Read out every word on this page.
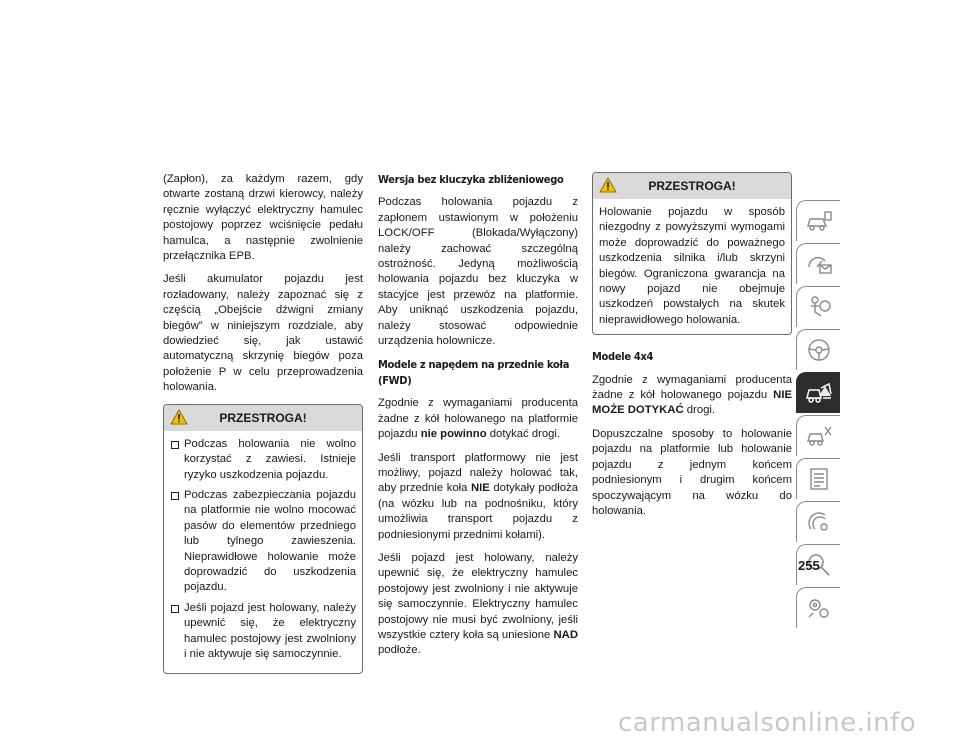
(Zapłon), za każdym razem, gdy otwarte zostaną drzwi kierowcy, należy ręcznie wyłączyć elektryczny hamulec postojowy poprzez wciśnięcie pedału hamulca, a następnie zwolnienie przełącznika EPB.

Jeśli akumulator pojazdu jest rozładowany, należy zapoznać się z częścią „Obejście dźwigni zmiany biegów” w niniejszym rozdziale, aby dowiedzieć się, jak ustawić automatyczną skrzynię biegów poza położenie P w celu przeprowadzenia holowania.

PRZESTROGA!
Podczas holowania nie wolno korzystać z zawiesi. Istnieje ryzyko uszkodzenia pojazdu.
Podczas zabezpieczania pojazdu na platformie nie wolno mocować pasów do elementów przedniego lub tylnego zawieszenia. Nieprawidłowe holowanie może doprowadzić do uszkodzenia pojazdu.
Jeśli pojazd jest holowany, należy upewnić się, że elektryczny hamulec postojowy jest zwolniony i nie aktywuje się samoczynnie.
Wersja bez kluczyka zbliżeniowego

Podczas holowania pojazdu z zapłonem ustawionym w położeniu LOCK/OFF (Blokada/Wyłączony) należy zachować szczególną ostrożność. Jedyną możliwością holowania pojazdu bez kluczyka w stacyjce jest przewóz na platformie. Aby uniknąć uszkodzenia pojazdu, należy stosować odpowiednie urządzenia holownicze.

Modele z napędem na przednie koła (FWD)

Zgodnie z wymaganiami producenta żadne z kół holowanego na platformie pojazdu nie powinno dotykać drogi.

Jeśli transport platformowy nie jest możliwy, pojazd należy holować tak, aby przednie koła NIE dotykały podłoża (na wózku lub na podnośniku, który umożliwia transport pojazdu z podniesionymi przednimi kołami).

Jeśli pojazd jest holowany, należy upewnić się, że elektryczny hamulec postojowy jest zwolniony i nie aktywuje się samoczynnie. Elektryczny hamulec postojowy nie musi być zwolniony, jeśli wszystkie cztery koła są uniesione NAD podłoże.

PRZESTROGA!

Holowanie pojazdu w sposób niezgodny z powyższymi wymogami może doprowadzić do poważnego uszkodzenia silnika i/lub skrzyni biegów. Ograniczona gwarancja na nowy pojazd nie obejmuje uszkodzeń powstałych na skutek nieprawidłowego holowania.

Modele 4x4

Zgodnie z wymaganiami producenta żadne z kół holowanego pojazdu NIE MOŻE DOTYKAĆ drogi.

Dopuszczalne sposoby to holowanie pojazdu na platformie lub holowanie pojazdu z jednym końcem podniesionym i drugim końcem spoczywającym na wózku do holowania.

255
carmanualsonline.info
